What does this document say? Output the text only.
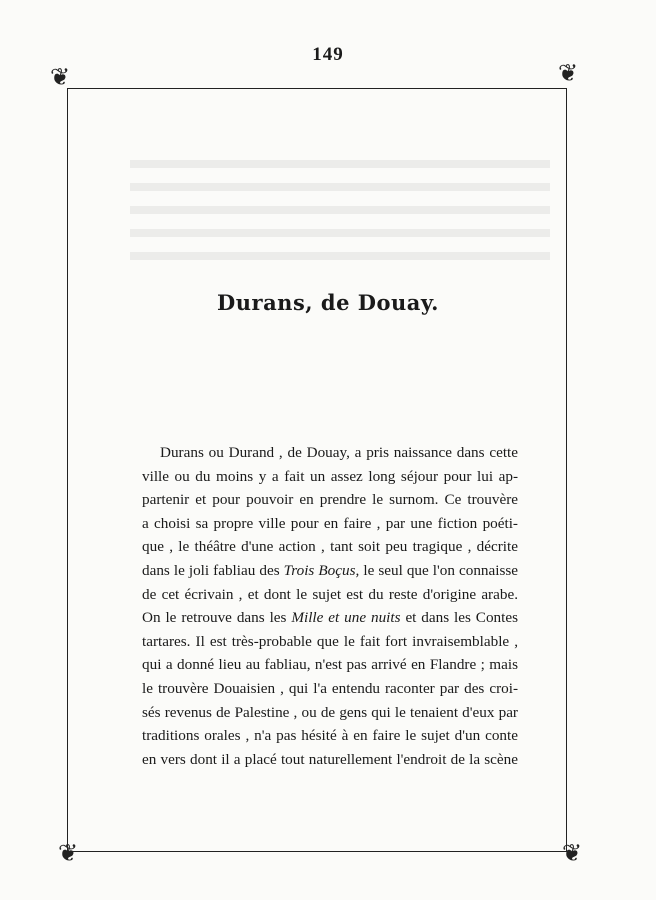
149
❦	❦
❦	❦
Durans, de Douay.
Durans ou Durand , de Douay, a pris naissance dans cette
ville ou du moins y a fait un assez long séjour pour lui ap-
partenir et pour pouvoir en prendre le surnom. Ce trouvère
a choisi sa propre ville pour en faire , par une fiction poéti-
que , le théâtre d'une action , tant soit peu tragique , décrite
dans le joli fabliau des Trois Boçus, le seul que l'on connaisse
de cet écrivain , et dont le sujet est du reste d'origine arabe.
On le retrouve dans les Mille et une nuits et dans les Contes
tartares. Il est très-probable que le fait fort invraisemblable ,
qui a donné lieu au fabliau, n'est pas arrivé en Flandre ; mais
le trouvère Douaisien , qui l'a entendu raconter par des croi-
sés revenus de Palestine , ou de gens qui le tenaient d'eux par
traditions orales , n'a pas hésité à en faire le sujet d'un conte
en vers dont il a placé tout naturellement l'endroit de la scène
